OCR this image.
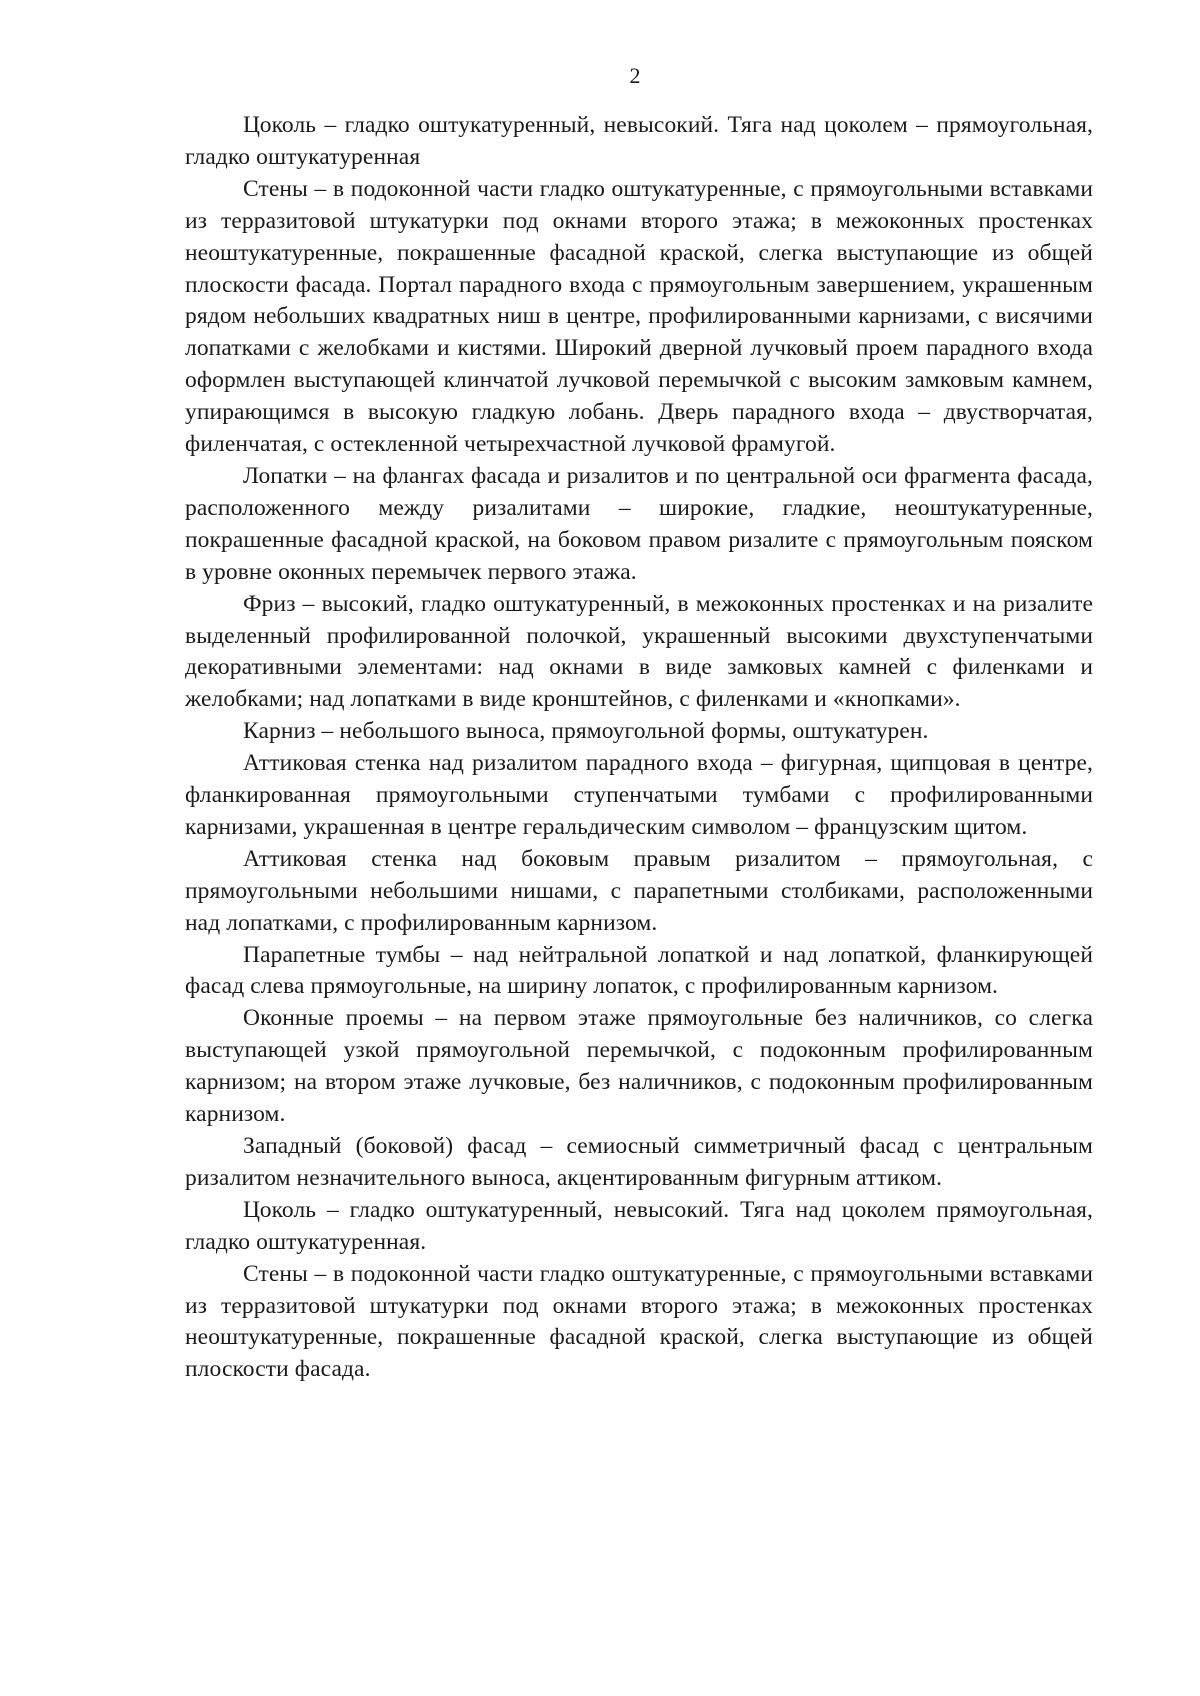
2

Цоколь – гладко оштукатуренный, невысокий. Тяга над цоколем – прямоугольная, гладко оштукатуренная

Стены – в подоконной части гладко оштукатуренные, с прямоугольными вставками из терразитовой штукатурки под окнами второго этажа; в межоконных простенках неоштукатуренные, покрашенные фасадной краской, слегка выступающие из общей плоскости фасада. Портал парадного входа с прямоугольным завершением, украшенным рядом небольших квадратных ниш в центре, профилированными карнизами, с висячими лопатками с желобками и кистями. Широкий дверной лучковый проем парадного входа оформлен выступающей клинчатой лучковой перемычкой с высоким замковым камнем, упирающимся в высокую гладкую лобань. Дверь парадного входа – двустворчатая, филенчатая, с остекленной четырехчастной лучковой фрамугой.

Лопатки – на флангах фасада и ризалитов и по центральной оси фрагмента фасада, расположенного между ризалитами – широкие, гладкие, неоштукатуренные, покрашенные фасадной краской, на боковом правом ризалите с прямоугольным пояском в уровне оконных перемычек первого этажа.

Фриз – высокий, гладко оштукатуренный, в межоконных простенках и на ризалите выделенный профилированной полочкой, украшенный высокими двухступенчатыми декоративными элементами: над окнами в виде замковых камней с филенками и желобками; над лопатками в виде кронштейнов, с филенками и «кнопками».

Карниз – небольшого выноса, прямоугольной формы, оштукатурен.

Аттиковая стенка над ризалитом парадного входа – фигурная, щипцовая в центре, фланкированная прямоугольными ступенчатыми тумбами с профилированными карнизами, украшенная в центре геральдическим символом – французским щитом.

Аттиковая стенка над боковым правым ризалитом – прямоугольная, с прямоугольными небольшими нишами, с парапетными столбиками, расположенными над лопатками, с профилированным карнизом.

Парапетные тумбы – над нейтральной лопаткой и над лопаткой, фланкирующей фасад слева прямоугольные, на ширину лопаток, с профилированным карнизом.

Оконные проемы – на первом этаже прямоугольные без наличников, со слегка выступающей узкой прямоугольной перемычкой, с подоконным профилированным карнизом; на втором этаже лучковые, без наличников, с подоконным профилированным карнизом.

Западный (боковой) фасад – семиосный симметричный фасад с центральным ризалитом незначительного выноса, акцентированным фигурным аттиком.

Цоколь – гладко оштукатуренный, невысокий. Тяга над цоколем прямоугольная, гладко оштукатуренная.

Стены – в подоконной части гладко оштукатуренные, с прямоугольными вставками из терразитовой штукатурки под окнами второго этажа; в межоконных простенках неоштукатуренные, покрашенные фасадной краской, слегка выступающие из общей плоскости фасада.
